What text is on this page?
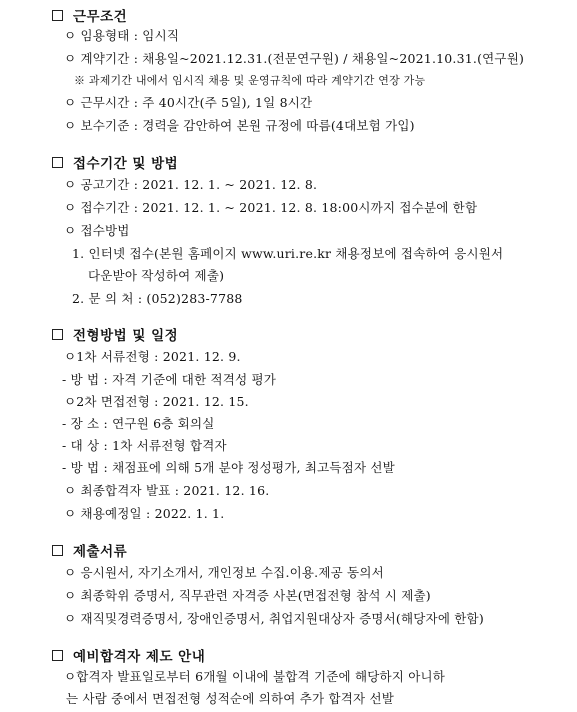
근무조건
ㅇ 임용형태 : 임시직
ㅇ 계약기간 : 채용일~2021.12.31.(전문연구원) / 채용일~2021.10.31.(연구원)
※ 과제기간 내에서 임시직 채용 및 운영규칙에 따라 계약기간 연장 가능
ㅇ 근무시간 : 주 40시간(주 5일), 1일 8시간
ㅇ 보수기준 : 경력을 감안하여 본원 규정에 따름(4대보험 가입)
접수기간 및 방법
ㅇ 공고기간 : 2021. 12. 1. ~ 2021. 12. 8.
ㅇ 접수기간 : 2021. 12. 1. ~ 2021. 12. 8. 18:00시까지 접수분에 한함
ㅇ 접수방법
1. 인터넷 접수(본원 홈페이지 www.uri.re.kr 채용정보에 접속하여 응시원서
다운받아 작성하여 제출)
2. 문 의 처 : (052)283-7788
전형방법 및 일정
ㅇ1차 서류전형 : 2021. 12. 9.
- 방 법 : 자격 기준에 대한 적격성 평가
ㅇ2차 면접전형 : 2021. 12. 15.
- 장 소 : 연구원 6층 회의실
- 대 상 : 1차 서류전형 합격자
- 방 법 : 채점표에 의해 5개 분야 정성평가, 최고득점자 선발
ㅇ 최종합격자 발표 : 2021. 12. 16.
ㅇ 채용예정일 : 2022. 1. 1.
제출서류
ㅇ 응시원서, 자기소개서, 개인정보 수집.이용.제공 동의서
ㅇ 최종학위 증명서, 직무관련 자격증 사본(면접전형 참석 시 제출)
ㅇ 재직및경력증명서, 장애인증명서, 취업지원대상자 증명서(해당자에 한함)
예비합격자 제도 안내
ㅇ합격자 발표일로부터 6개월 이내에 불합격 기준에 해당하지 아니하
는 사람 중에서 면접전형 성적순에 의하여 추가 합격자 선발
